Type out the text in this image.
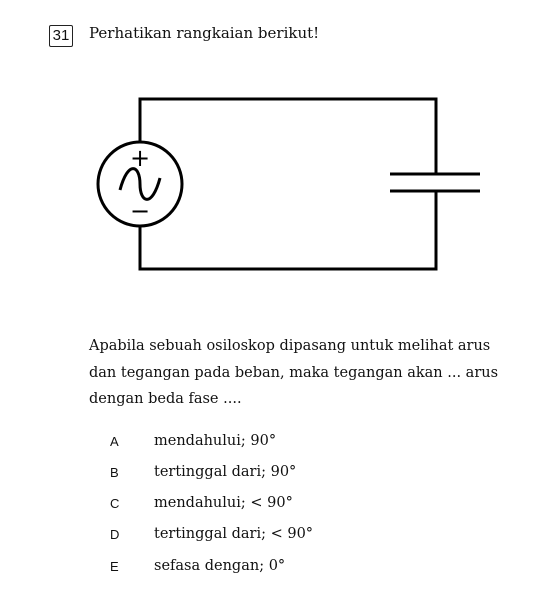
31 Perhatikan rangkaian berikut!
+
−
Apabila sebuah osiloskop dipasang untuk melihat arus dan tegangan pada beban, maka tegangan akan ... arus dengan beda fase ....
A	mendahului; 90°
B	tertinggal dari; 90°
C	mendahului; < 90°
D	tertinggal dari; < 90°
E	sefasa dengan; 0°
